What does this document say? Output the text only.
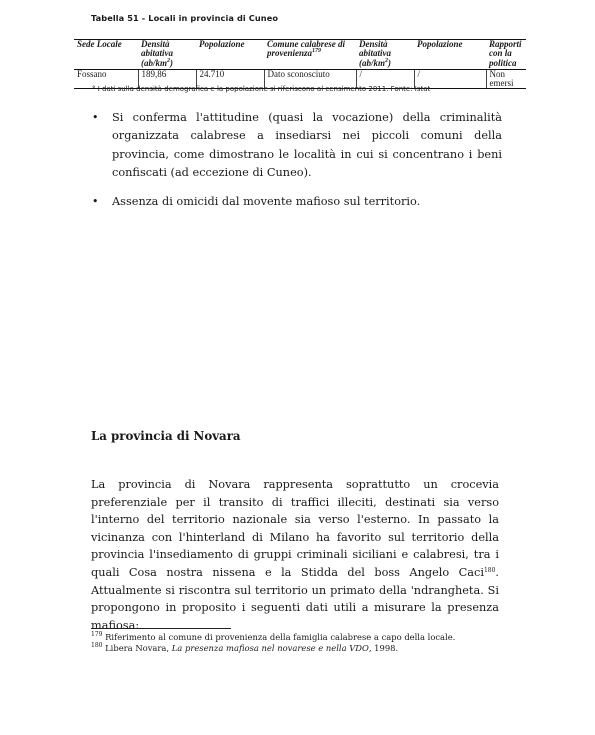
Tabella 51 - Locali in provincia di Cuneo
Sede Locale	Densità abitativa $(ab/km^2)$	Popolazione	Comune calabrese di provenienza$^{179}$	Densità abitativa $(ab/km^2)$	Popolazione	Rapporti con la politica
Fossano	189,86	24.710	Dato sconosciuto	/	/	Non emersi
° I dati sulla densità demografica e la popolazione si riferiscono al censimento 2011. Fonte: Istat
• Si conferma l'attitudine (quasi la vocazione) della criminalità organizzata calabrese a insediarsi nei piccoli comuni della provincia, come dimostrano le località in cui si concentrano i beni confiscati (ad eccezione di Cuneo).
• Assenza di omicidi dal movente mafioso sul territorio.
La provincia di Novara
La provincia di Novara rappresenta soprattutto un crocevia preferenziale per il transito di traffici illeciti, destinati sia verso l'interno del territorio nazionale sia verso l'esterno. In passato la vicinanza con l'hinterland di Milano ha favorito sul territorio della provincia l'insediamento di gruppi criminali siciliani e calabresi, tra i quali Cosa nostra nissena e la Stidda del boss Angelo Caci$^{180}$. Attualmente si riscontra sul territorio un primato della 'ndrangheta. Si propongono in proposito i seguenti dati utili a misurare la presenza mafiosa:
$^{179}$ Riferimento al comune di provenienza della famiglia calabrese a capo della locale.
$^{180}$ Libera Novara, La presenza mafiosa nel novarese e nella VDO, 1998.
